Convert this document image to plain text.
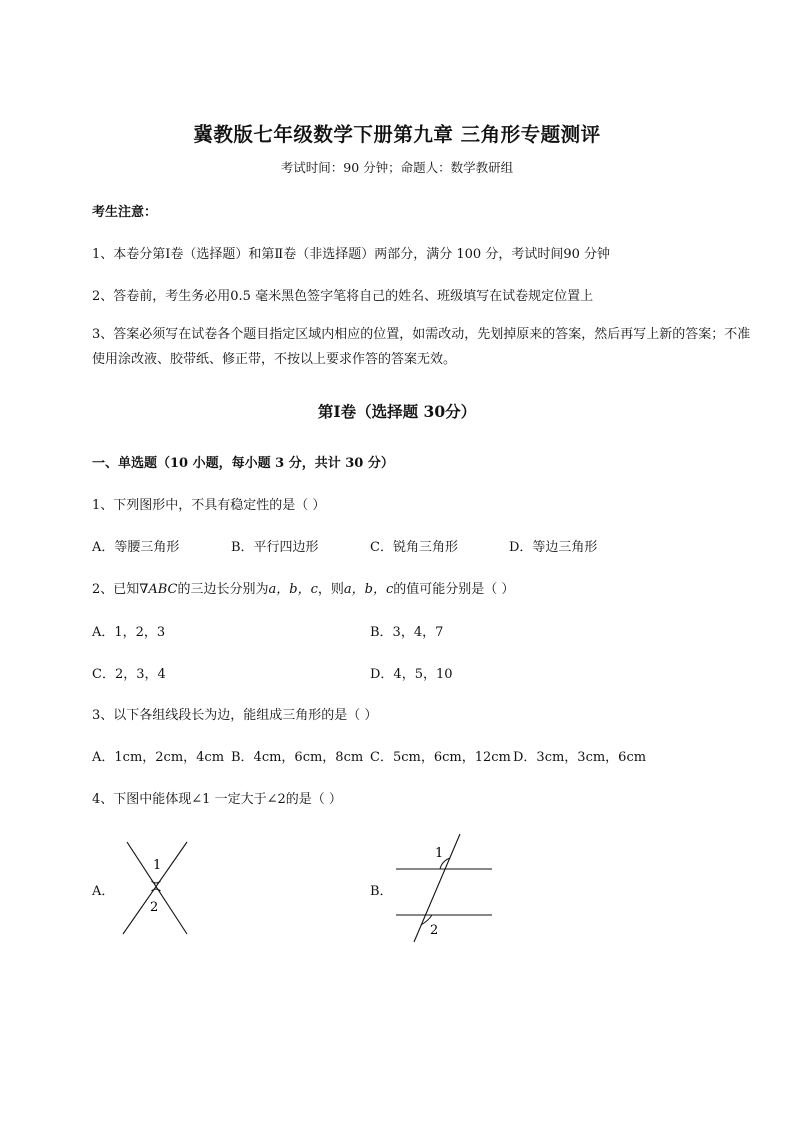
冀教版七年级数学下册第九章 三角形专题测评
考试时间：90 分钟；命题人：数学教研组
考生注意：
1、本卷分第Ⅰ卷（选择题）和第Ⅱ卷（非选择题）两部分，满分 100 分，考试时间90 分钟
2、答卷前，考生务必用0.5 毫米黑色签字笔将自己的姓名、班级填写在试卷规定位置上
3、答案必须写在试卷各个题目指定区域内相应的位置，如需改动，先划掉原来的答案，然后再写上新的答案；不准使用涂改液、胶带纸、修正带，不按以上要求作答的答案无效。
第Ⅰ卷（选择题 30分）
一、单选题（10 小题，每小题 3 分，共计 30 分）
1、下列图形中，不具有稳定性的是（ ）
A．等腰三角形	B．平行四边形	C．锐角三角形	D．等边三角形
2、已知∇ABC的三边长分别为a，b，c，则a，b，c的值可能分别是（ ）
A．1，2，3	B．3，4，7
C．2，3，4	D．4，5，10
3、以下各组线段长为边，能组成三角形的是（ ）
A．1cm，2cm，4cm B．4cm，6cm，8cm C．5cm，6cm，12cm D．3cm，3cm，6cm
4、下图中能体现∠1 一定大于∠2的是（ ）
A．	B．
1
2
1
2
